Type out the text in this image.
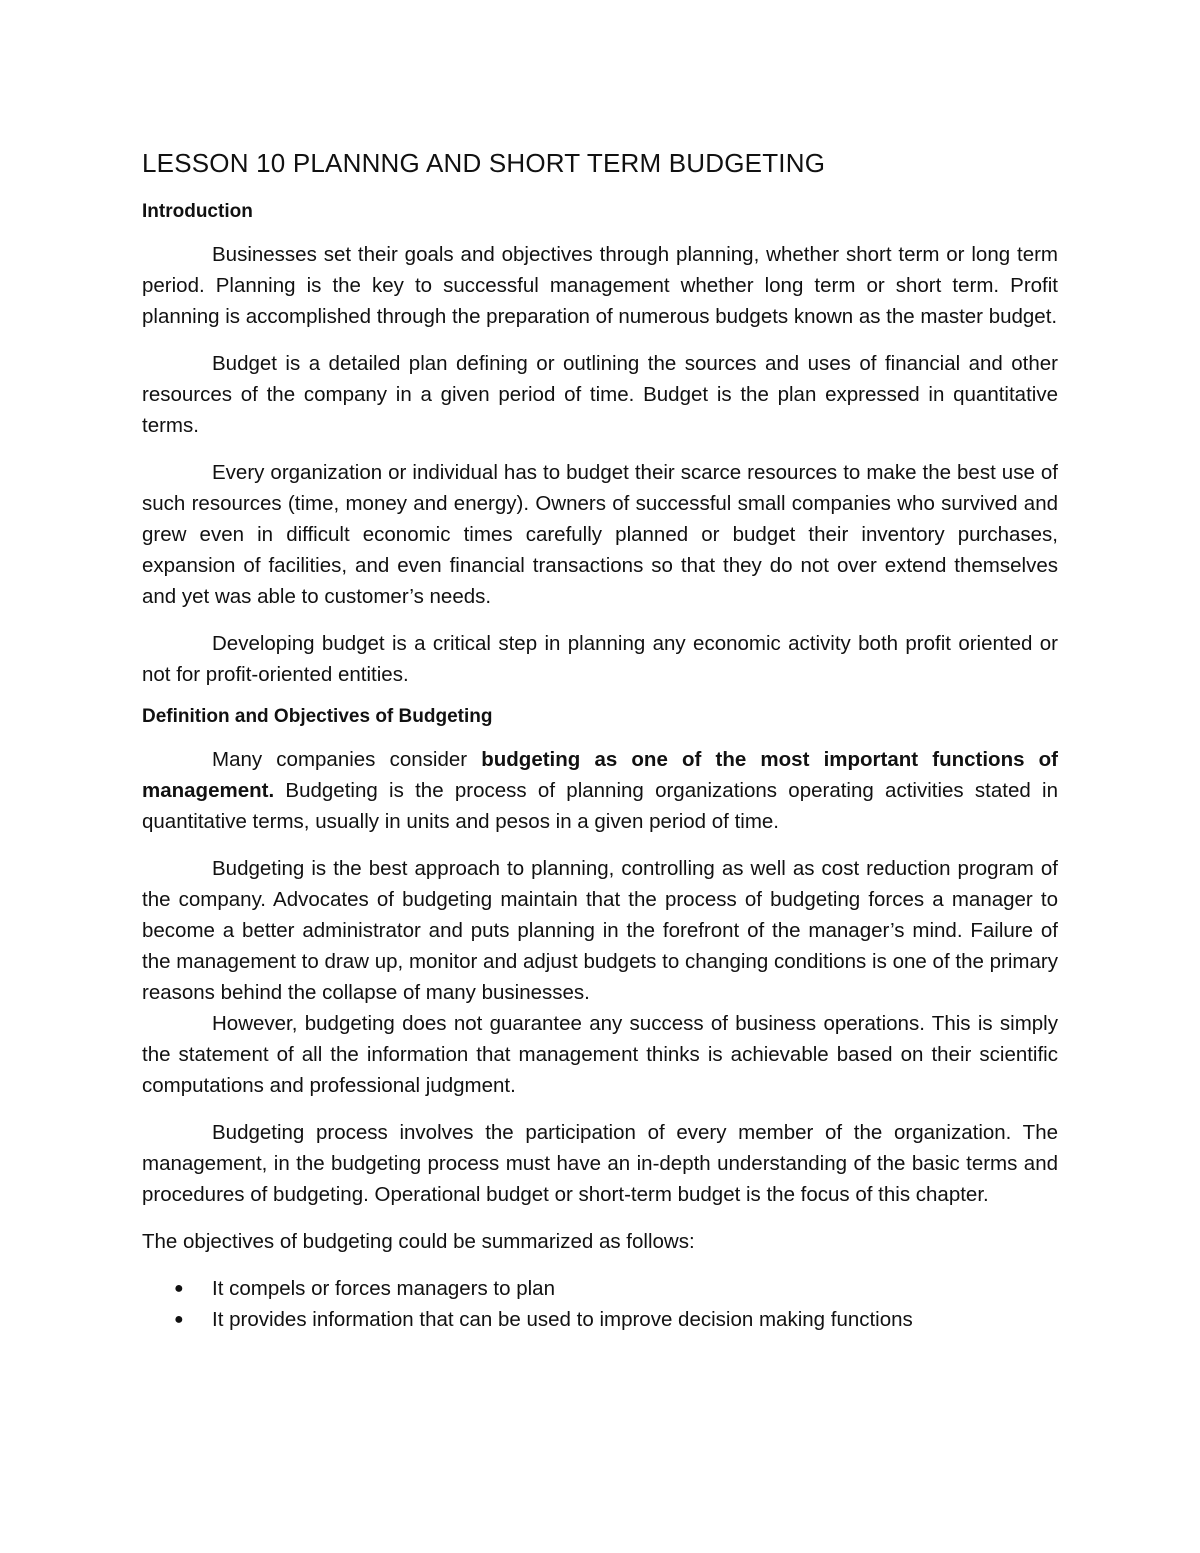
LESSON 10 PLANNNG AND SHORT TERM BUDGETING
Introduction

Businesses set their goals and objectives through planning, whether short term or long term period. Planning is the key to successful management whether long term or short term. Profit planning is accomplished through the preparation of numerous budgets known as the master budget.

Budget is a detailed plan defining or outlining the sources and uses of financial and other resources of the company in a given period of time. Budget is the plan expressed in quantitative terms.

Every organization or individual has to budget their scarce resources to make the best use of such resources (time, money and energy). Owners of successful small companies who survived and grew even in difficult economic times carefully planned or budget their inventory purchases, expansion of facilities, and even financial transactions so that they do not over extend themselves and yet was able to customer’s needs.

Developing budget is a critical step in planning any economic activity both profit oriented or not for profit-oriented entities.

Definition and Objectives of Budgeting

Many companies consider budgeting as one of the most important functions of management. Budgeting is the process of planning organizations operating activities stated in quantitative terms, usually in units and pesos in a given period of time.

Budgeting is the best approach to planning, controlling as well as cost reduction program of the company. Advocates of budgeting maintain that the process of budgeting forces a manager to become a better administrator and puts planning in the forefront of the manager’s mind. Failure of the management to draw up, monitor and adjust budgets to changing conditions is one of the primary reasons behind the collapse of many businesses.

However, budgeting does not guarantee any success of business operations. This is simply the statement of all the information that management thinks is achievable based on their scientific computations and professional judgment.

Budgeting process involves the participation of every member of the organization. The management, in the budgeting process must have an in-depth understanding of the basic terms and procedures of budgeting. Operational budget or short-term budget is the focus of this chapter.

The objectives of budgeting could be summarized as follows:

● It compels or forces managers to plan
● It provides information that can be used to improve decision making functions
